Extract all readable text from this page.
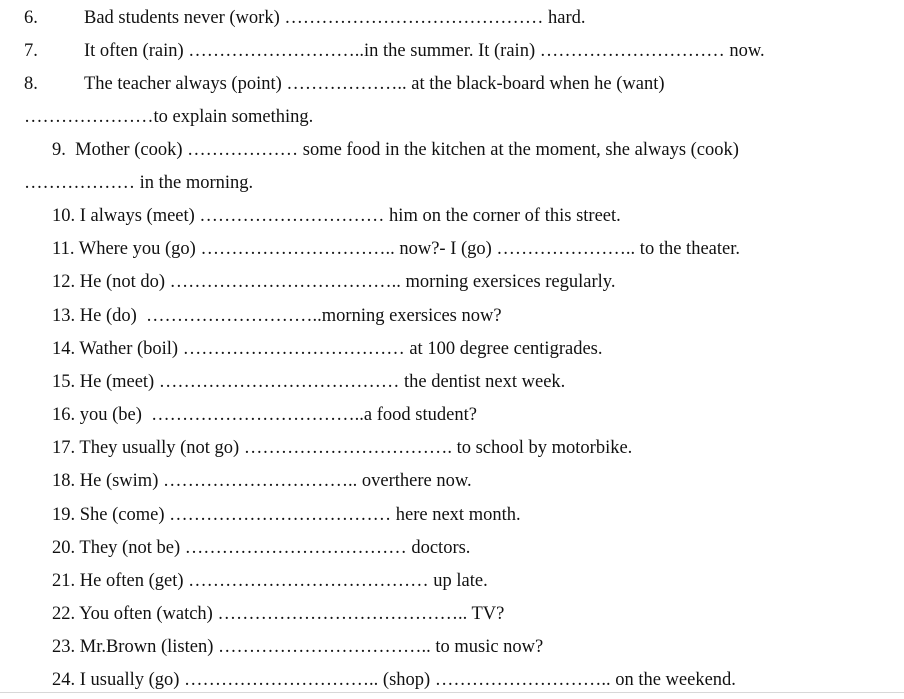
6. Bad students never (work) …………………………………… hard.
7. It often (rain) ………………………..in the summer. It (rain) ………………………… now.
8. The teacher always (point) ……………….. at the black-board when he (want)
…………………to explain something.
9.  Mother (cook) ……………… some food in the kitchen at the moment, she always (cook)
……………… in the morning.
10. I always (meet) ………………………… him on the corner of this street.
11. Where you (go) ………………………….. now?- I (go) ………………….. to the theater.
12. He (not do) ……………………………….. morning exersices regularly.
13. He (do)  ………………………..morning exersices now?
14. Wather (boil) ……………………………… at 100 degree centigrades.
15. He (meet) ………………………………… the dentist next week.
16. you (be)  ……………………………..a food student?
17. They usually (not go) ……………………………. to school by motorbike.
18. He (swim) ………………………….. overthere now.
19. She (come) ……………………………… here next month.
20. They (not be) ……………………………… doctors.
21. He often (get) ………………………………… up late.
22. You often (watch) ………………………………….. TV?
23. Mr.Brown (listen) …………………………….. to music now?
24. I usually (go) ………………………….. (shop) ……………………….. on the weekend.
